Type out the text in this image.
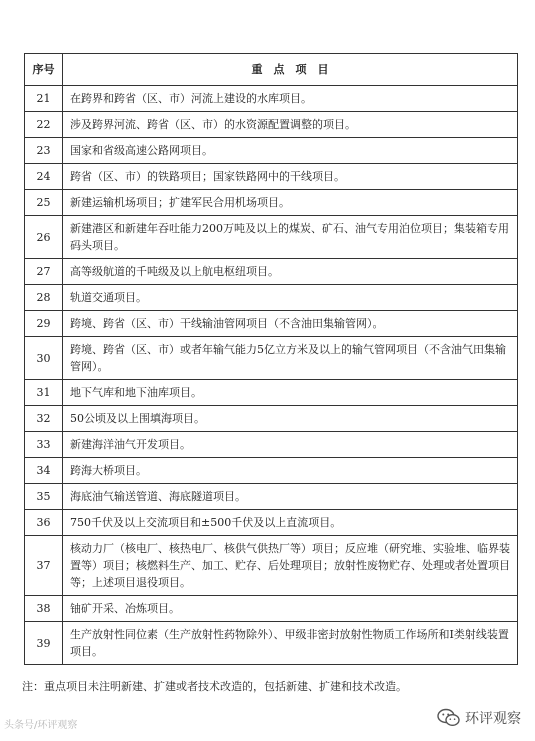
序号	重　点　项　目
21	在跨界和跨省（区、市）河流上建设的水库项目。
22	涉及跨界河流、跨省（区、市）的水资源配置调整的项目。
23	国家和省级高速公路网项目。
24	跨省（区、市）的铁路项目；国家铁路网中的干线项目。
25	新建运输机场项目；扩建军民合用机场项目。
26	新建港区和新建年吞吐能力200万吨及以上的煤炭、矿石、油气专用泊位项目；集装箱专用码头项目。
27	高等级航道的千吨级及以上航电枢纽项目。
28	轨道交通项目。
29	跨境、跨省（区、市）干线输油管网项目（不含油田集输管网）。
30	跨境、跨省（区、市）或者年输气能力5亿立方米及以上的输气管网项目（不含油气田集输管网）。
31	地下气库和地下油库项目。
32	50公顷及以上围填海项目。
33	新建海洋油气开发项目。
34	跨海大桥项目。
35	海底油气输送管道、海底隧道项目。
36	750千伏及以上交流项目和±500千伏及以上直流项目。
37	核动力厂（核电厂、核热电厂、核供气供热厂等）项目；反应堆（研究堆、实验堆、临界装置等）项目；核燃料生产、加工、贮存、后处理项目；放射性废物贮存、处理或者处置项目等；上述项目退役项目。
38	铀矿开采、冶炼项目。
39	生产放射性同位素（生产放射性药物除外）、甲级非密封放射性物质工作场所和Ⅰ类射线装置项目。
注：重点项目未注明新建、扩建或者技术改造的，包括新建、扩建和技术改造。
头条号/环评观察	环评观察
